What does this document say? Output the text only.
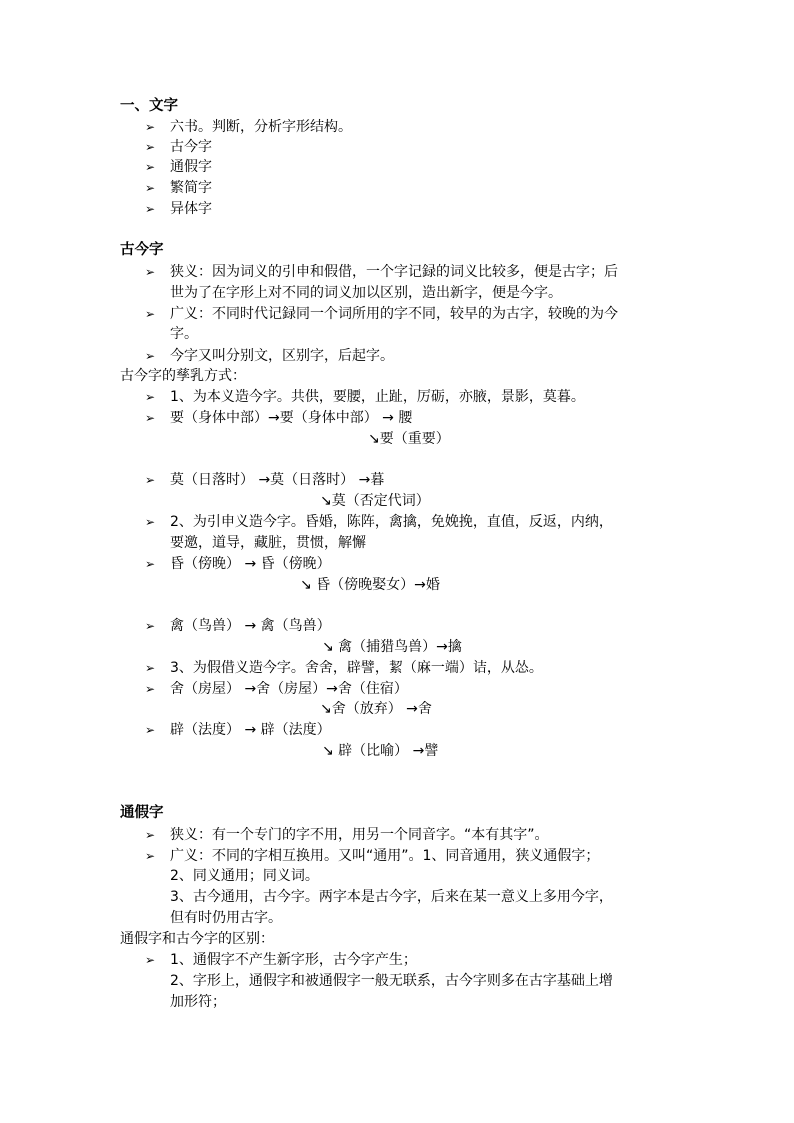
一、文字
➢ 六书。判断，分析字形结构。
➢ 古今字
➢ 通假字
➢ 繁简字
➢ 异体字
古今字
➢ 狭义：因为词义的引申和假借，一个字记録的词义比较多，便是古字；后
世为了在字形上对不同的词义加以区别，造出新字，便是今字。
➢ 广义：不同时代记録同一个词所用的字不同，较早的为古字，较晚的为今
字。
➢ 今字又叫分别文，区别字，后起字。
古今字的孳乳方式：
➢ 1、为本义造今字。共供，要腰，止趾，厉砺，亦腋，景影，莫暮。
➢ 要（身体中部）→要（身体中部） → 腰
↘要（重要）
➢ 莫（日落时） →莫（日落时） →暮
↘莫（否定代词）
➢ 2、为引申义造今字。昏婚，陈阵，禽擒，免娩挽，直值，反返，内纳，
要邀，道导，藏脏，贯惯，解懈
➢ 昏（傍晚） → 昏（傍晚）
↘ 昏（傍晚娶女）→婚
➢ 禽（鸟兽） → 禽（鸟兽）
↘ 禽（捕猎鸟兽）→擒
➢ 3、为假借义造今字。舍舍，辟譬，絜（麻一端）诘，从怂。
➢ 舍（房屋） →舍（房屋）→舍（住宿）
↘舍（放弃） →舍
➢ 辟（法度） → 辟（法度）
↘ 辟（比喻） →譬
通假字
➢ 狭义：有一个专门的字不用，用另一个同音字。“本有其字”。
➢ 广义：不同的字相互换用。又叫“通用”。1、同音通用，狭义通假字；
2、同义通用；同义词。
3、古今通用，古今字。两字本是古今字，后来在某一意义上多用今字，
但有时仍用古字。
通假字和古今字的区别：
➢ 1、通假字不产生新字形，古今字产生；
2、字形上，通假字和被通假字一般无联系，古今字则多在古字基础上增
加形符；
